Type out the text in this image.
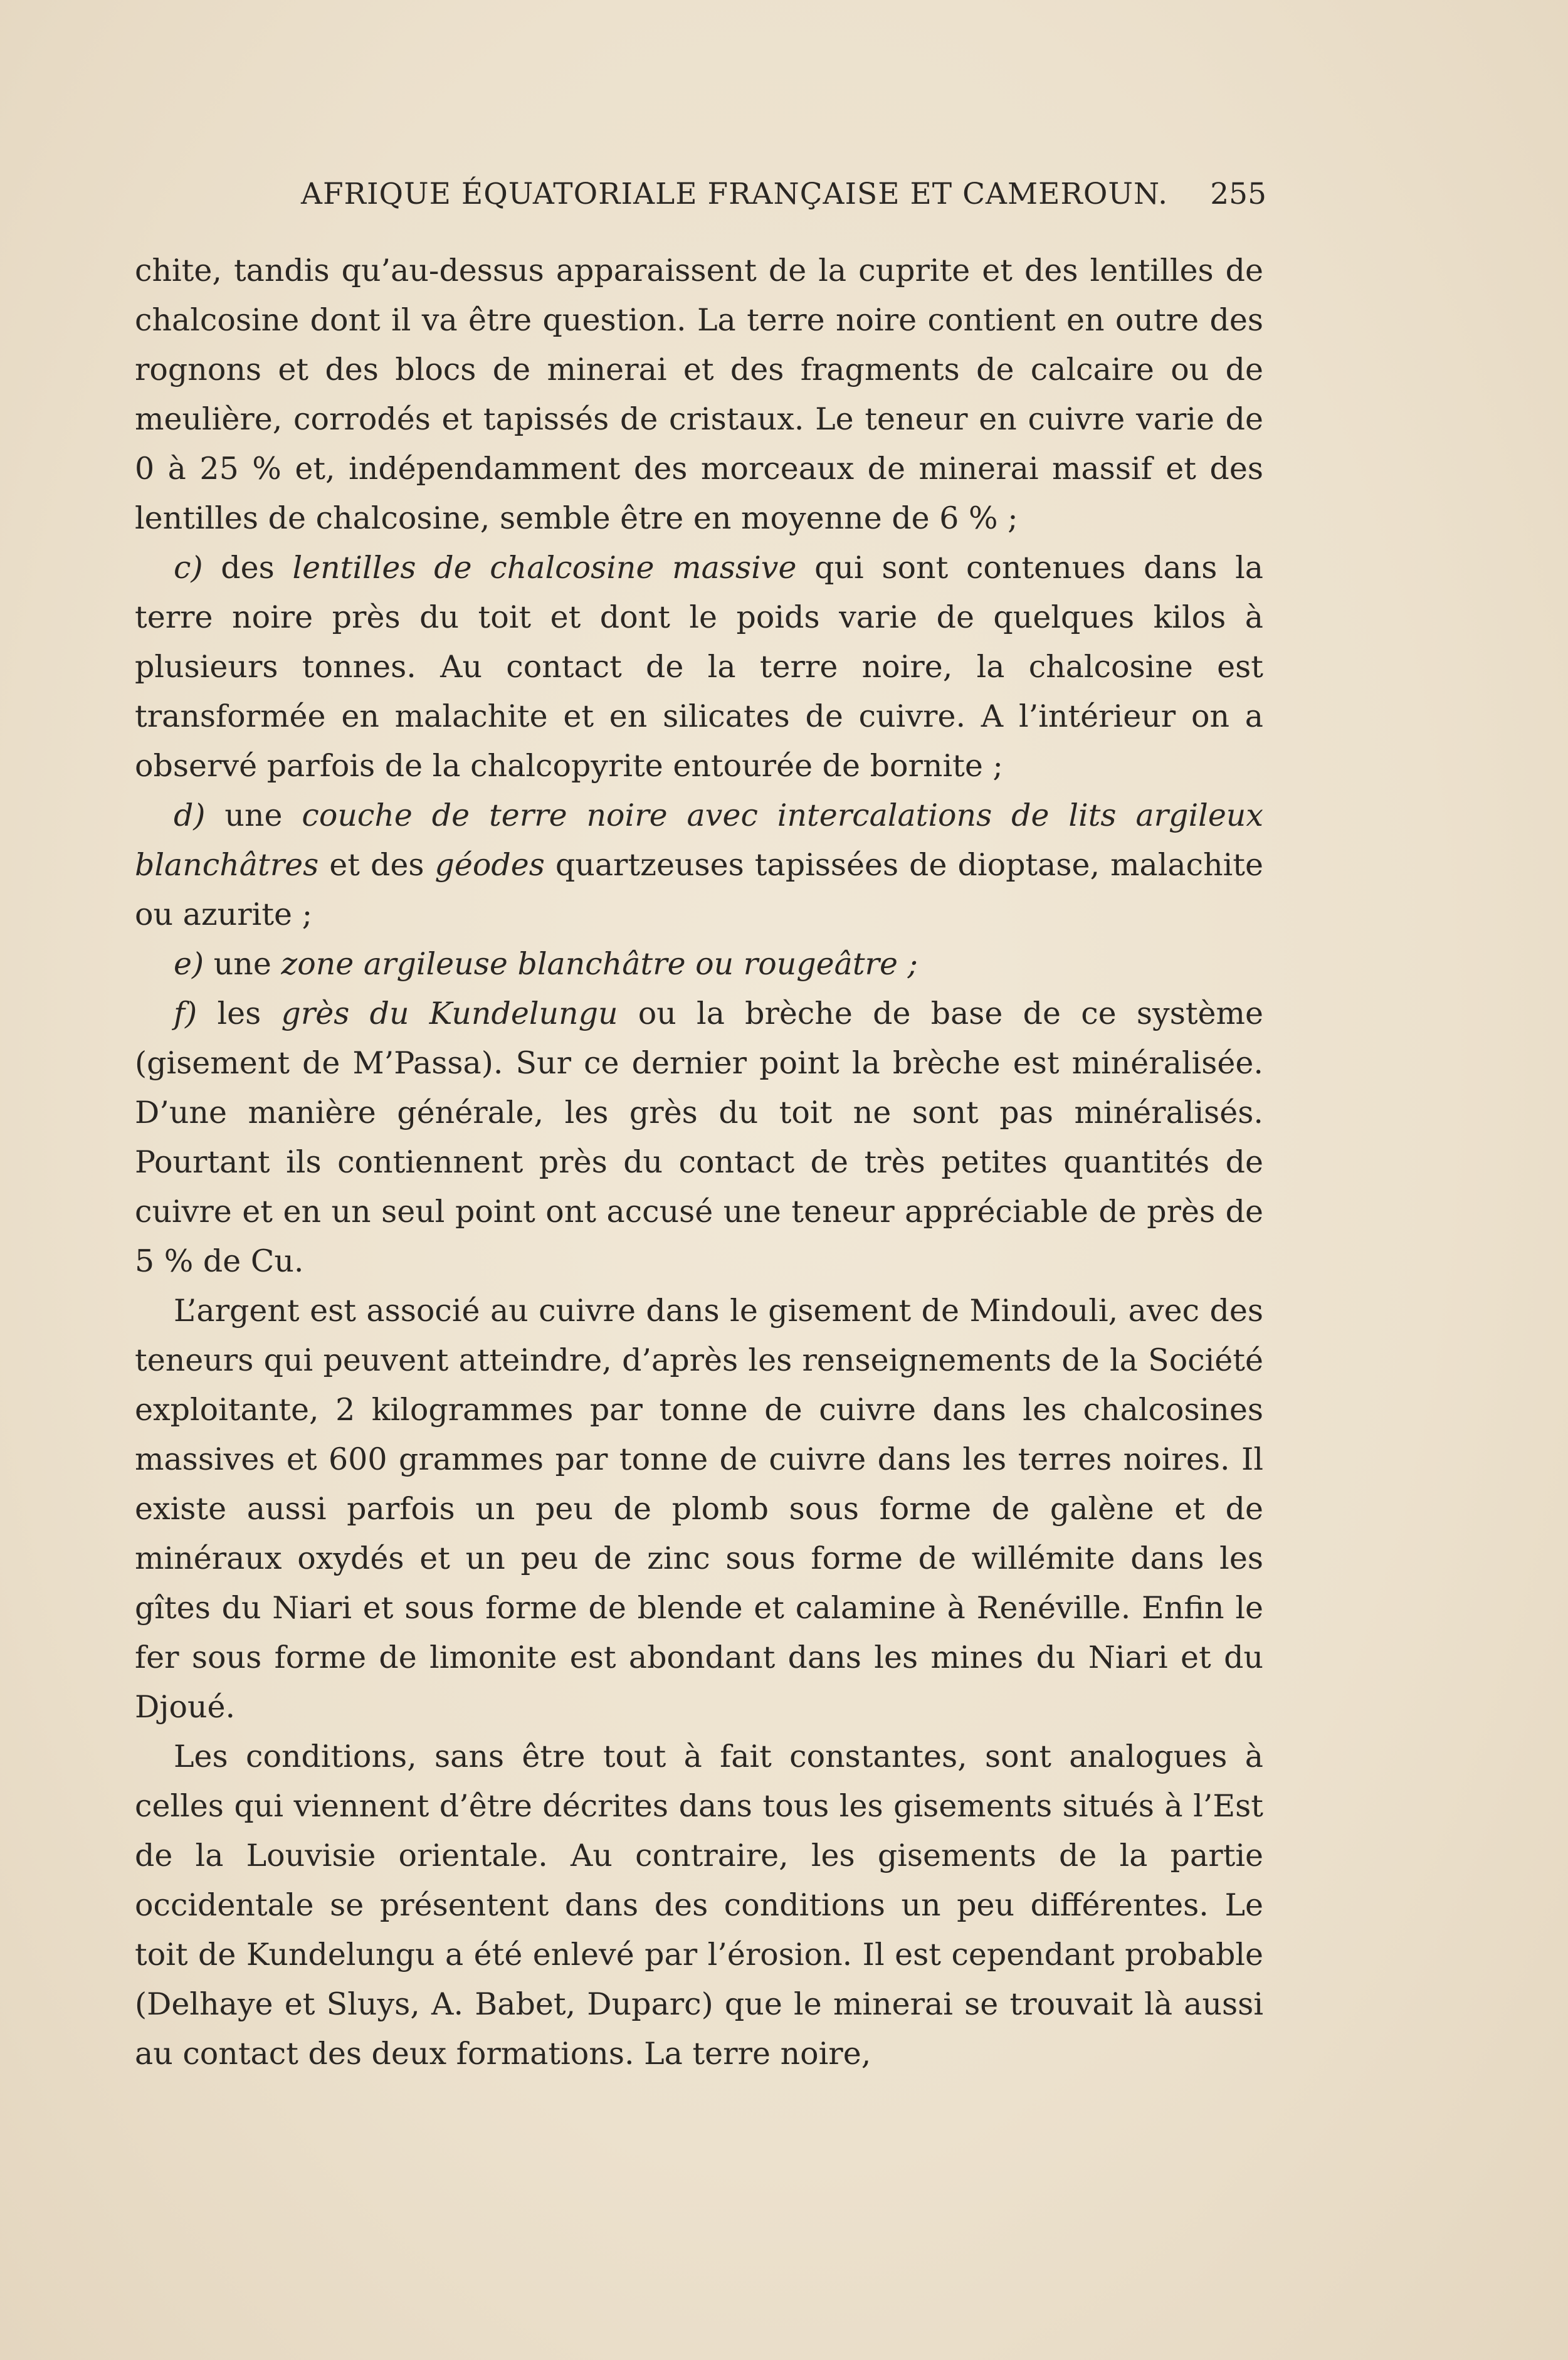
AFRIQUE ÉQUATORIALE FRANÇAISE ET CAMEROUN. 255

chite, tandis qu’au-dessus apparaissent de la cuprite et des lentilles de chalcosine dont il va être question. La terre noire contient en outre des rognons et des blocs de minerai et des fragments de calcaire ou de meulière, corrodés et tapissés de cristaux. Le teneur en cuivre varie de 0 à 25 % et, indépendamment des morceaux de minerai massif et des lentilles de chalcosine, semble être en moyenne de 6 % ;

c) des lentilles de chalcosine massive qui sont contenues dans la terre noire près du toit et dont le poids varie de quelques kilos à plusieurs tonnes. Au contact de la terre noire, la chalcosine est transformée en malachite et en silicates de cuivre. A l’intérieur on a observé parfois de la chalcopyrite entourée de bornite ;

d) une couche de terre noire avec intercalations de lits argileux blanchâtres et des géodes quartzeuses tapissées de dioptase, malachite ou azurite ;

e) une zone argileuse blanchâtre ou rougeâtre ;

f) les grès du Kundelungu ou la brèche de base de ce système (gisement de M’Passa). Sur ce dernier point la brèche est minéralisée. D’une manière générale, les grès du toit ne sont pas minéralisés. Pourtant ils contiennent près du contact de très petites quantités de cuivre et en un seul point ont accusé une teneur appréciable de près de 5 % de Cu.

L’argent est associé au cuivre dans le gisement de Mindouli, avec des teneurs qui peuvent atteindre, d’après les renseignements de la Société exploitante, 2 kilogrammes par tonne de cuivre dans les chalcosines massives et 600 grammes par tonne de cuivre dans les terres noires. Il existe aussi parfois un peu de plomb sous forme de galène et de minéraux oxydés et un peu de zinc sous forme de willémite dans les gîtes du Niari et sous forme de blende et calamine à Renéville. Enfin le fer sous forme de limonite est abondant dans les mines du Niari et du Djoué.

Les conditions, sans être tout à fait constantes, sont analogues à celles qui viennent d’être décrites dans tous les gisements situés à l’Est de la Louvisie orientale. Au contraire, les gisements de la partie occidentale se présentent dans des conditions un peu différentes. Le toit de Kundelungu a été enlevé par l’érosion. Il est cependant probable (Delhaye et Sluys, A. Babet, Duparc) que le minerai se trouvait là aussi au contact des deux formations. La terre noire,
